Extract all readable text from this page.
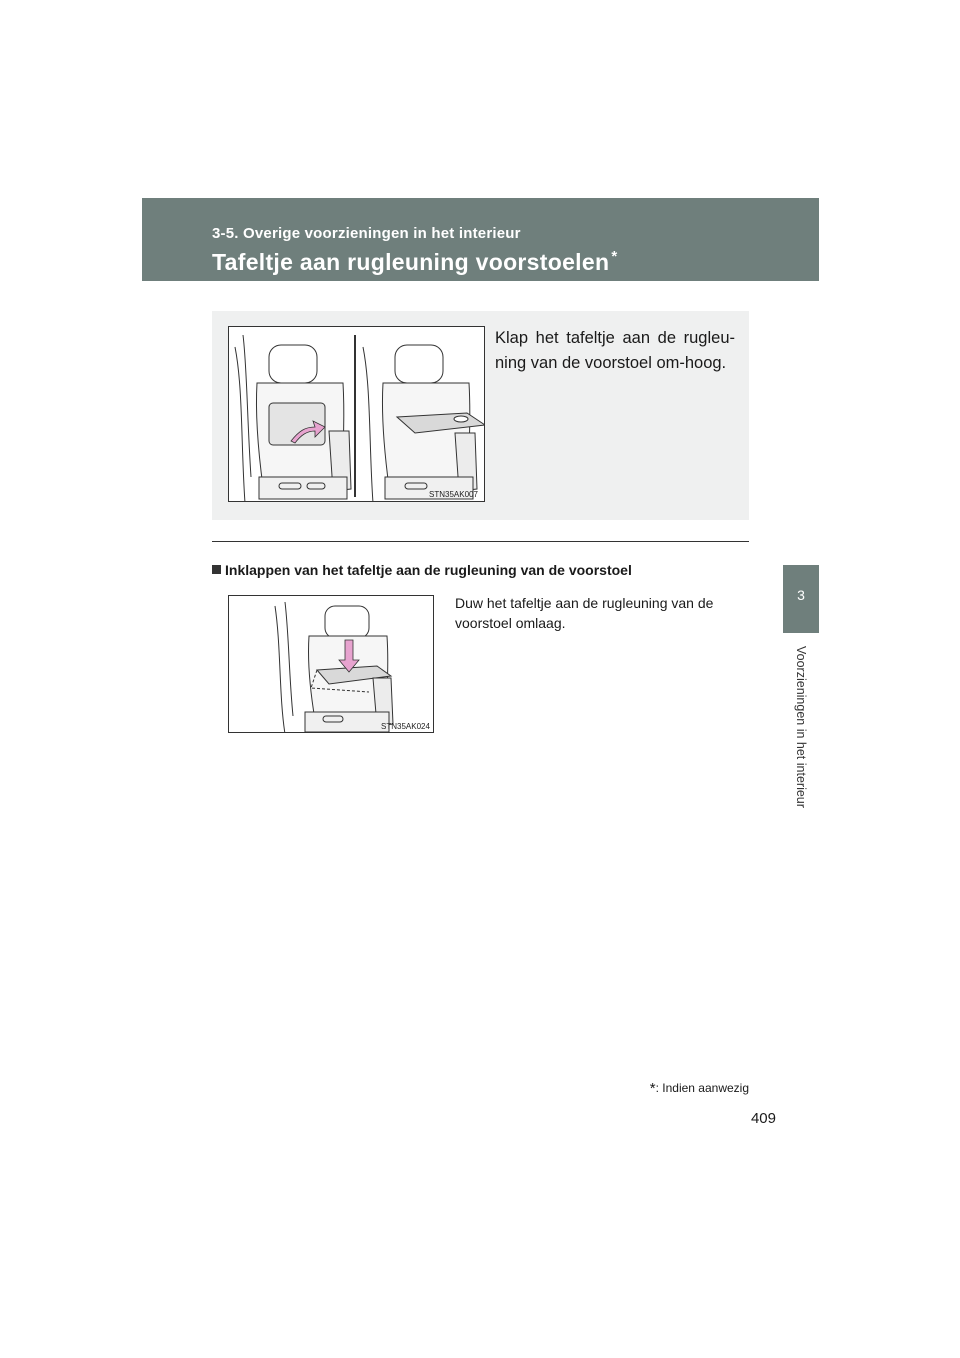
3-5. Overige voorzieningen in het interieur
Tafeltje aan rugleuning voorstoelen *
3
Voorzieningen in het interieur
STN35AK007
Klap het tafeltje aan de rugleu-ning van de voorstoel om-hoog.
Inklappen van het tafeltje aan de rugleuning van de voorstoel
STN35AK024
Duw het tafeltje aan de rugleuning van de voorstoel omlaag.
*: Indien aanwezig
409
